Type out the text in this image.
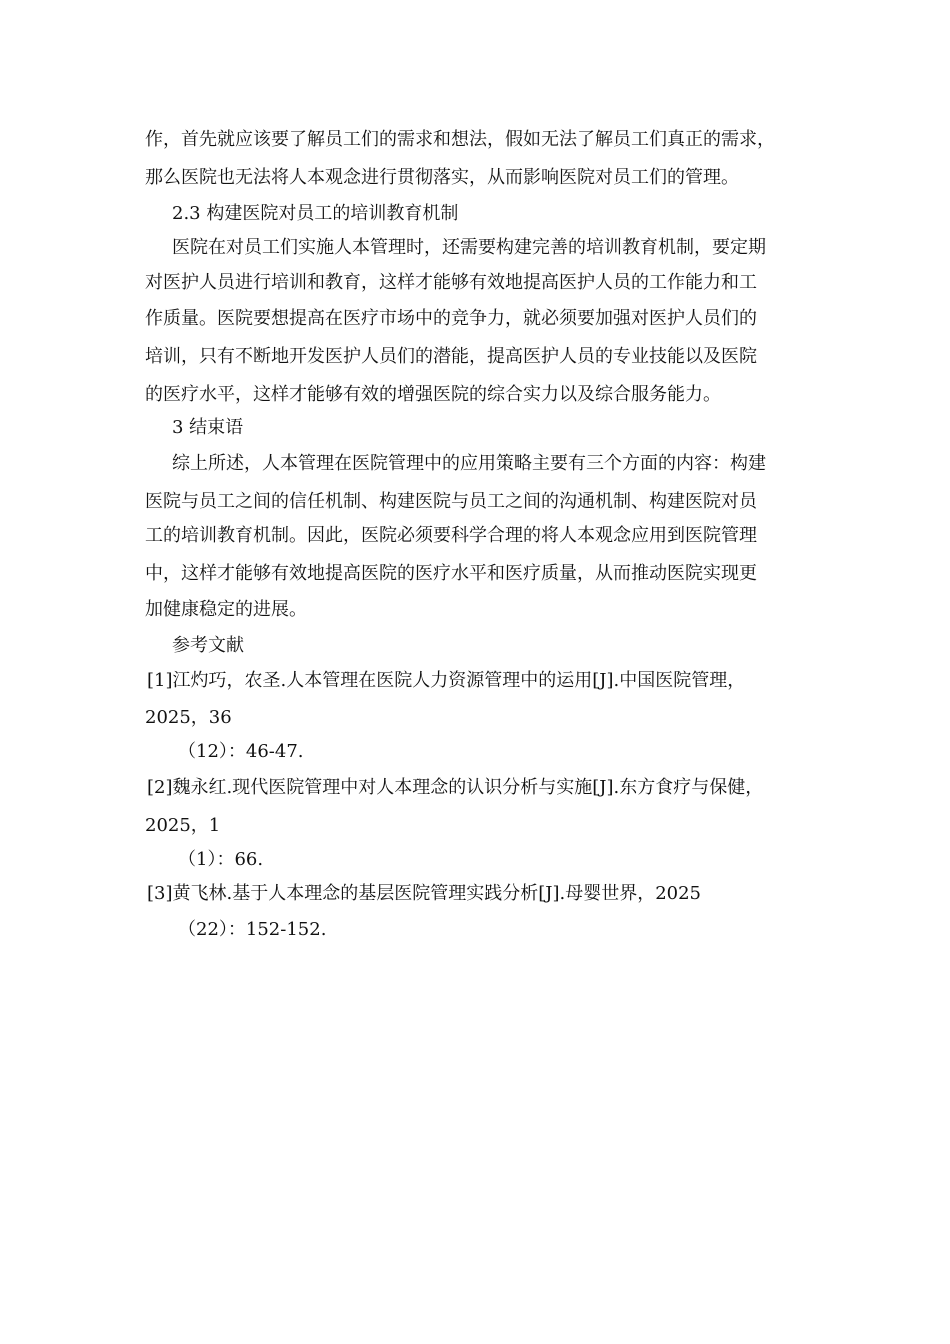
作，首先就应该要了解员工们的需求和想法，假如无法了解员工们真正的需求，
那么医院也无法将人本观念进行贯彻落实，从而影响医院对员工们的管理。
2.3 构建医院对员工的培训教育机制
医院在对员工们实施人本管理时，还需要构建完善的培训教育机制，要定期
对医护人员进行培训和教育，这样才能够有效地提高医护人员的工作能力和工
作质量。医院要想提高在医疗市场中的竞争力，就必须要加强对医护人员们的
培训，只有不断地开发医护人员们的潜能，提高医护人员的专业技能以及医院
的医疗水平，这样才能够有效的增强医院的综合实力以及综合服务能力。
3 结束语
综上所述，人本管理在医院管理中的应用策略主要有三个方面的内容：构建
医院与员工之间的信任机制、构建医院与员工之间的沟通机制、构建医院对员
工的培训教育机制。因此，医院必须要科学合理的将人本观念应用到医院管理
中，这样才能够有效地提高医院的医疗水平和医疗质量，从而推动医院实现更
加健康稳定的进展。
参考文献
[1]江灼巧，农圣.人本管理在医院人力资源管理中的运用[J].中国医院管理，
2025，36
（12）：46-47.
[2]魏永红.现代医院管理中对人本理念的认识分析与实施[J].东方食疗与保健，
2025，1
（1）：66.
[3]黄飞林.基于人本理念的基层医院管理实践分析[J].母婴世界，2025
（22）：152-152.
